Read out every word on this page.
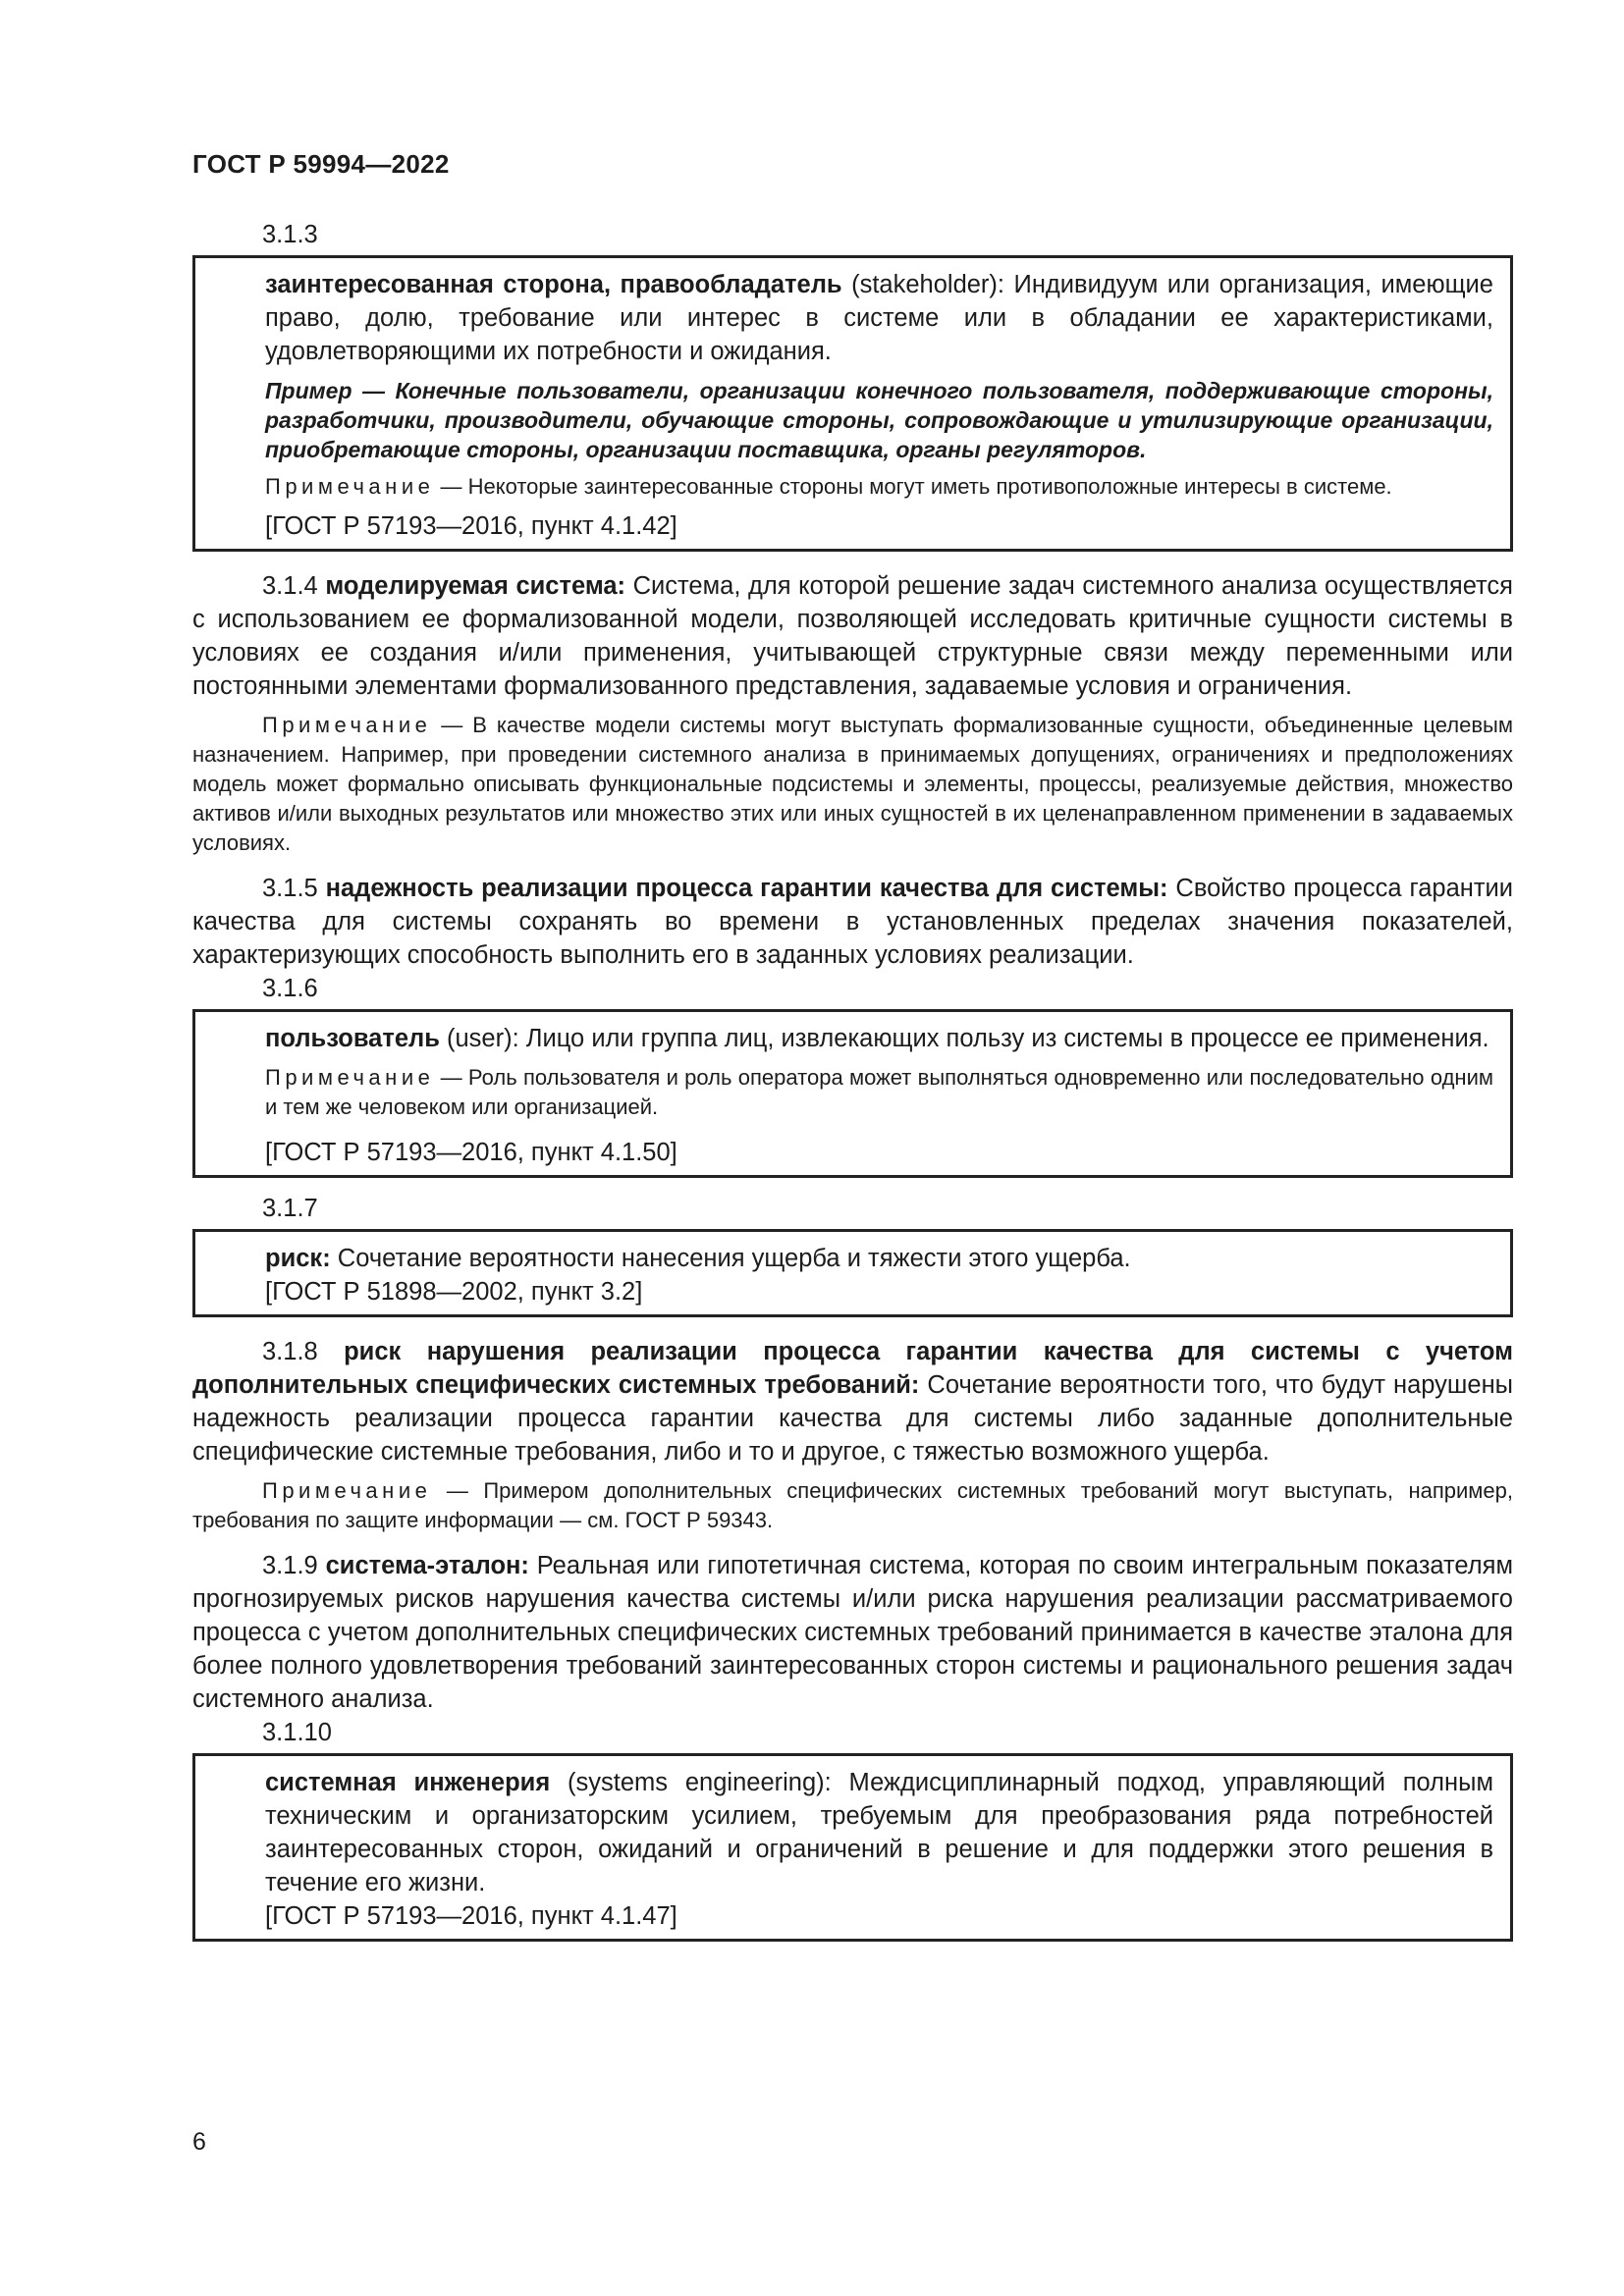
ГОСТ Р 59994—2022

3.1.3

заинтересованная сторона, правообладатель (stakeholder): Индивидуум или организация, имеющие право, долю, требование или интерес в системе или в обладании ее характеристиками, удовлетворяющими их потребности и ожидания.

Пример — Конечные пользователи, организации конечного пользователя, поддерживающие стороны, разработчики, производители, обучающие стороны, сопровождающие и утилизирующие организации, приобретающие стороны, организации поставщика, органы регуляторов.

Примечание — Некоторые заинтересованные стороны могут иметь противоположные интересы в системе.

[ГОСТ Р 57193—2016, пункт 4.1.42]

3.1.4 моделируемая система: Система, для которой решение задач системного анализа осуществляется с использованием ее формализованной модели, позволяющей исследовать критичные сущности системы в условиях ее создания и/или применения, учитывающей структурные связи между переменными или постоянными элементами формализованного представления, задаваемые условия и ограничения.

Примечание — В качестве модели системы могут выступать формализованные сущности, объединенные целевым назначением. Например, при проведении системного анализа в принимаемых допущениях, ограничениях и предположениях модель может формально описывать функциональные подсистемы и элементы, процессы, реализуемые действия, множество активов и/или выходных результатов или множество этих или иных сущностей в их целенаправленном применении в задаваемых условиях.

3.1.5 надежность реализации процесса гарантии качества для системы: Свойство процесса гарантии качества для системы сохранять во времени в установленных пределах значения показателей, характеризующих способность выполнить его в заданных условиях реализации.

3.1.6

пользователь (user): Лицо или группа лиц, извлекающих пользу из системы в процессе ее применения.

Примечание — Роль пользователя и роль оператора может выполняться одновременно или последовательно одним и тем же человеком или организацией.

[ГОСТ Р 57193—2016, пункт 4.1.50]

3.1.7

риск: Сочетание вероятности нанесения ущерба и тяжести этого ущерба.

[ГОСТ Р 51898—2002, пункт 3.2]

3.1.8 риск нарушения реализации процесса гарантии качества для системы с учетом дополнительных специфических системных требований: Сочетание вероятности того, что будут нарушены надежность реализации процесса гарантии качества для системы либо заданные дополнительные специфические системные требования, либо и то и другое, с тяжестью возможного ущерба.

Примечание — Примером дополнительных специфических системных требований могут выступать, например, требования по защите информации — см. ГОСТ Р 59343.

3.1.9 система-эталон: Реальная или гипотетичная система, которая по своим интегральным показателям прогнозируемых рисков нарушения качества системы и/или риска нарушения реализации рассматриваемого процесса с учетом дополнительных специфических системных требований принимается в качестве эталона для более полного удовлетворения требований заинтересованных сторон системы и рационального решения задач системного анализа.

3.1.10

системная инженерия (systems engineering): Междисциплинарный подход, управляющий полным техническим и организаторским усилием, требуемым для преобразования ряда потребностей заинтересованных сторон, ожиданий и ограничений в решение и для поддержки этого решения в течение его жизни.

[ГОСТ Р 57193—2016, пункт 4.1.47]

6
